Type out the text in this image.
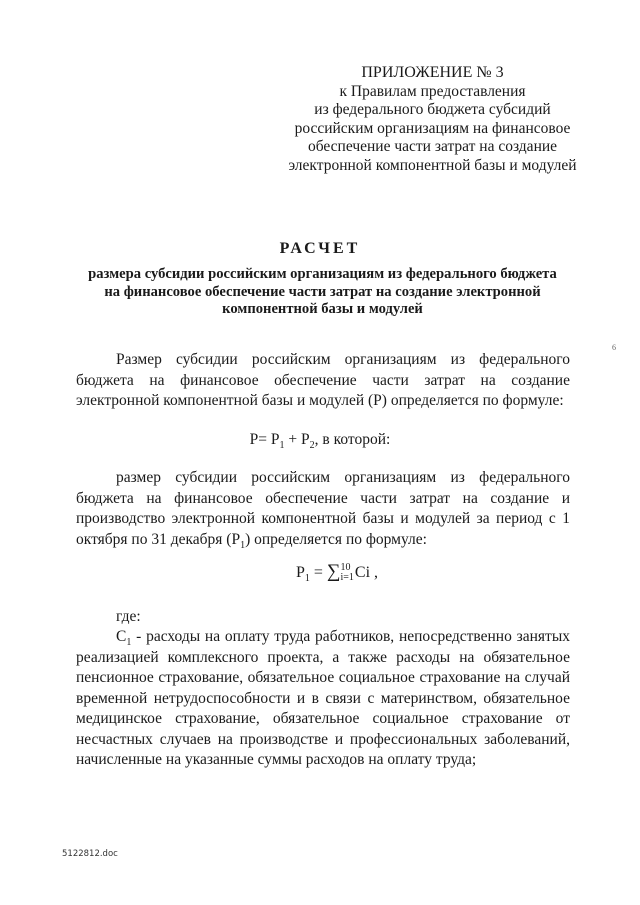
ПРИЛОЖЕНИЕ № 3
к Правилам предоставления
из федерального бюджета субсидий
российским организациям на финансовое
обеспечение части затрат на создание
электронной компонентной базы и модулей
РАСЧЕТ
размера субсидии российским организациям из федерального бюджета
на финансовое обеспечение части затрат на создание электронной
компонентной базы и модулей
6
Размер субсидии российским организациям из федерального бюджета на финансовое обеспечение части затрат на создание электронной компонентной базы и модулей (Р) определяется по формуле:
$Р= Р_1 + Р_2$, в которой:
размер субсидии российским организациям из федерального бюджета на финансовое обеспечение части затрат на создание и производство электронной компонентной базы и модулей за период с 1 октября по 31 декабря $(Р_1)$ определяется по формуле:
$Р_1 = \sum 10$
i=1Ci ,
где:
$С_1$ - расходы на оплату труда работников, непосредственно занятых реализацией комплексного проекта, а также расходы на обязательное пенсионное страхование, обязательное социальное страхование на случай временной нетрудоспособности и в связи с материнством, обязательное медицинское страхование, обязательное социальное страхование от несчастных случаев на производстве и профессиональных заболеваний, начисленные на указанные суммы расходов на оплату труда;
5122812.doc
